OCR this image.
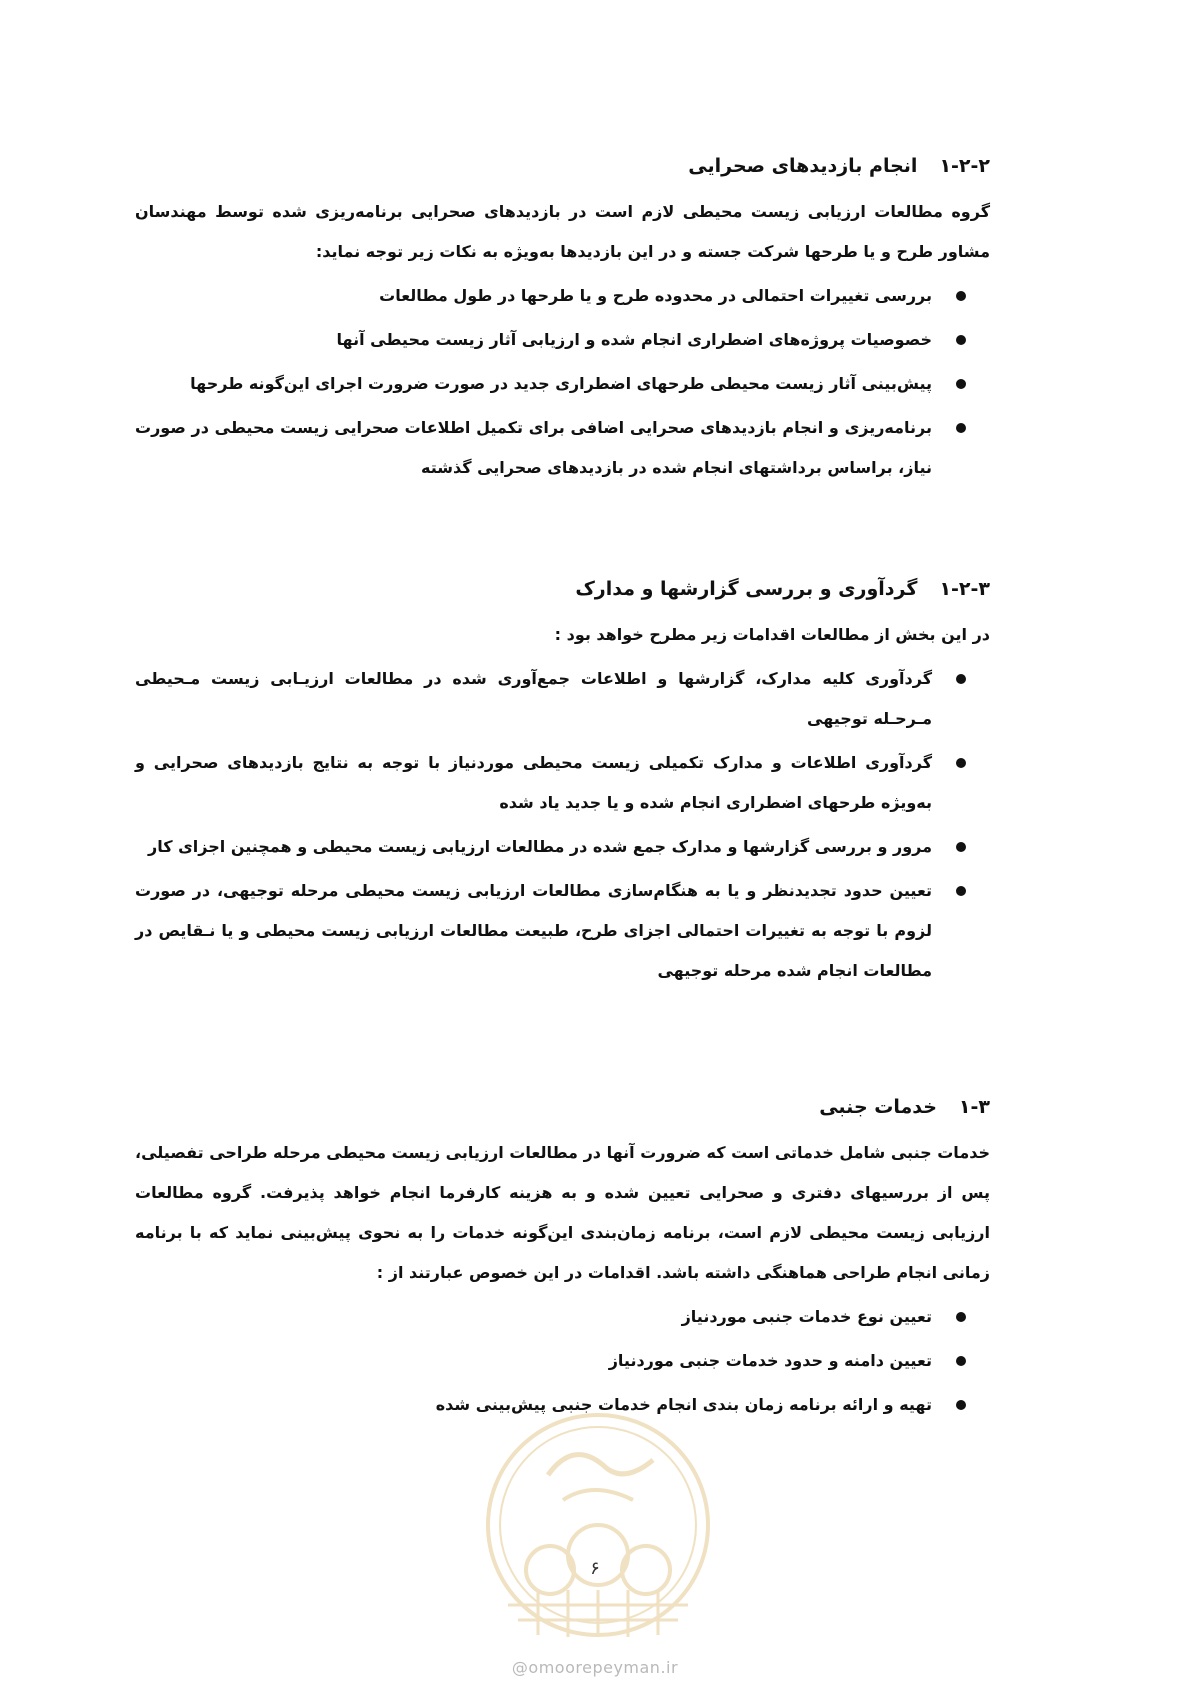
۱-۲-۲انجام بازدیدهای صحرایی

گروه مطالعات ارزیابی زیست محیطی لازم است در بازدیدهای صحرایی برنامه‌ریزی شده توسط مهندسان مشاور طرح و یا طرحها شرکت جسته و در این بازدیدها به‌ویژه به نکات زیر توجه نماید:

بررسی تغییرات احتمالی در محدوده طرح و یا طرحها در طول مطالعات
خصوصیات پروژه‌های اضطراری انجام شده و ارزیابی آثار زیست محیطی آنها
پیش‌بینی آثار زیست محیطی طرحهای اضطراری جدید در صورت ضرورت اجرای این‌گونه طرحها
برنامه‌ریزی و انجام بازدیدهای صحرایی اضافی برای تکمیل اطلاعات صحرایی زیست محیطی در صورت نیاز، براساس برداشتهای انجام شده در بازدیدهای صحرایی گذشته
۱-۲-۳گردآوری و بررسی گزارشها و مدارک

در این بخش از مطالعات اقدامات زیر مطرح خواهد بود :

گردآوری کلیه مدارک، گزارشها و اطلاعات جمع‌آوری شده در مطالعات ارزیـابی زیست مـحیطی مـرحـله توجیهی
گردآوری اطلاعات و مدارک تکمیلی زیست محیطی موردنیاز با توجه به نتایج بازدیدهای صحرایی و به‌ویژه طرحهای اضطراری انجام شده و یا جدید یاد شده
مرور و بررسی گزارشها و مدارک جمع شده در مطالعات ارزیابی زیست محیطی و همچنین اجزای کار
تعیین حدود تجدیدنظر و یا به هنگام‌سازی مطالعات ارزیابی زیست محیطی مرحله توجیهی، در صورت لزوم با توجه به تغییرات احتمالی اجزای طرح، طبیعت مطالعات ارزیابی زیست محیطی و یا نـقایص در مطالعات انجام شده مرحله توجیهی
۱-۳خدمات جنبی

خدمات جنبی شامل خدماتی است که ضرورت آنها در مطالعات ارزیابی زیست محیطی مرحله طراحی تفصیلی، پس از بررسیهای دفتری و صحرایی تعیین شده و به هزینه کارفرما انجام خواهد پذیرفت. گروه مطالعات ارزیابی زیست محیطی لازم است، برنامه زمان‌بندی این‌گونه خدمات را به نحوی پیش‌بینی نماید که با برنامه زمانی انجام طراحی هماهنگی داشته باشد. اقدامات در این خصوص عبارتند از :

تعیین نوع خدمات جنبی موردنیاز
تعیین دامنه و حدود خدمات جنبی موردنیاز
تهیه و ارائه برنامه زمان بندی انجام خدمات جنبی پیش‌بینی شده
۶
@omoorepeyman.ir
